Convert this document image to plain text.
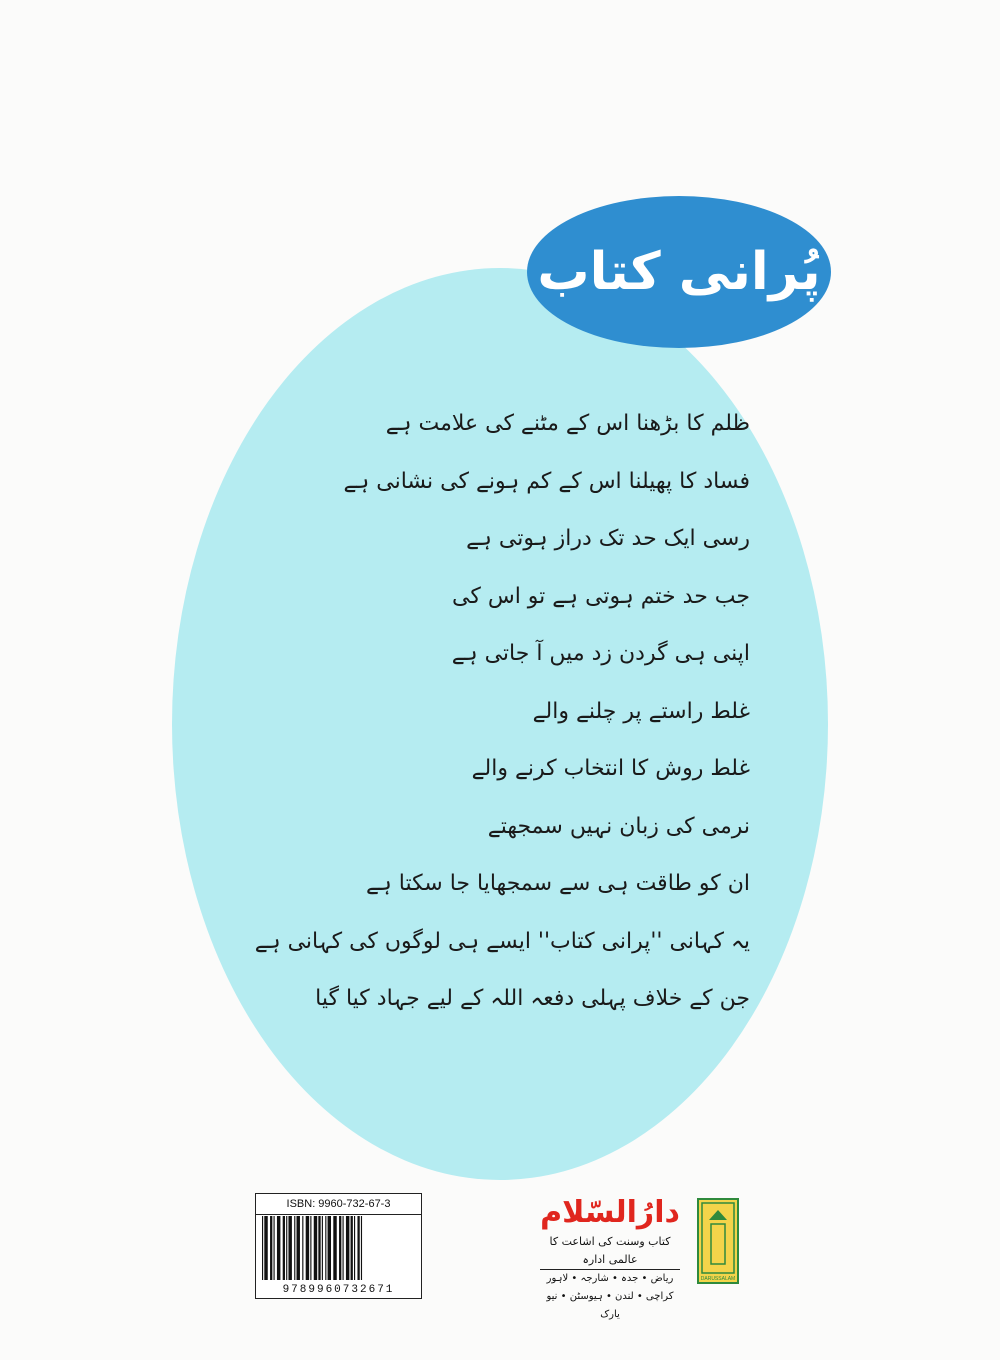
پُرانی کتاب
ظلم کا بڑھنا اس کے مٹنے کی علامت ہے
فساد کا پھیلنا اس کے کم ہونے کی نشانی ہے
رسی ایک حد تک دراز ہوتی ہے
جب حد ختم ہوتی ہے تو اس کی
اپنی ہی گردن زد میں آ جاتی ہے
غلط راستے پر چلنے والے
غلط روش کا انتخاب کرنے والے
نرمی کی زبان نہیں سمجھتے
ان کو طاقت ہی سے سمجھایا جا سکتا ہے
یہ کہانی ''پرانی کتاب'' ایسے ہی لوگوں کی کہانی ہے
جن کے خلاف پہلی دفعہ اللہ کے لیے جہاد کیا گیا
ISBN: 9960-732-67-3
9789960732671
دارُالسّلام
کتاب وسنت کی اشاعت کا عالمی ادارہ
ریاض • جدہ • شارجہ • لاہور
کراچی • لندن • ہیوسٹن • نیو یارک
DARUSSALAM
